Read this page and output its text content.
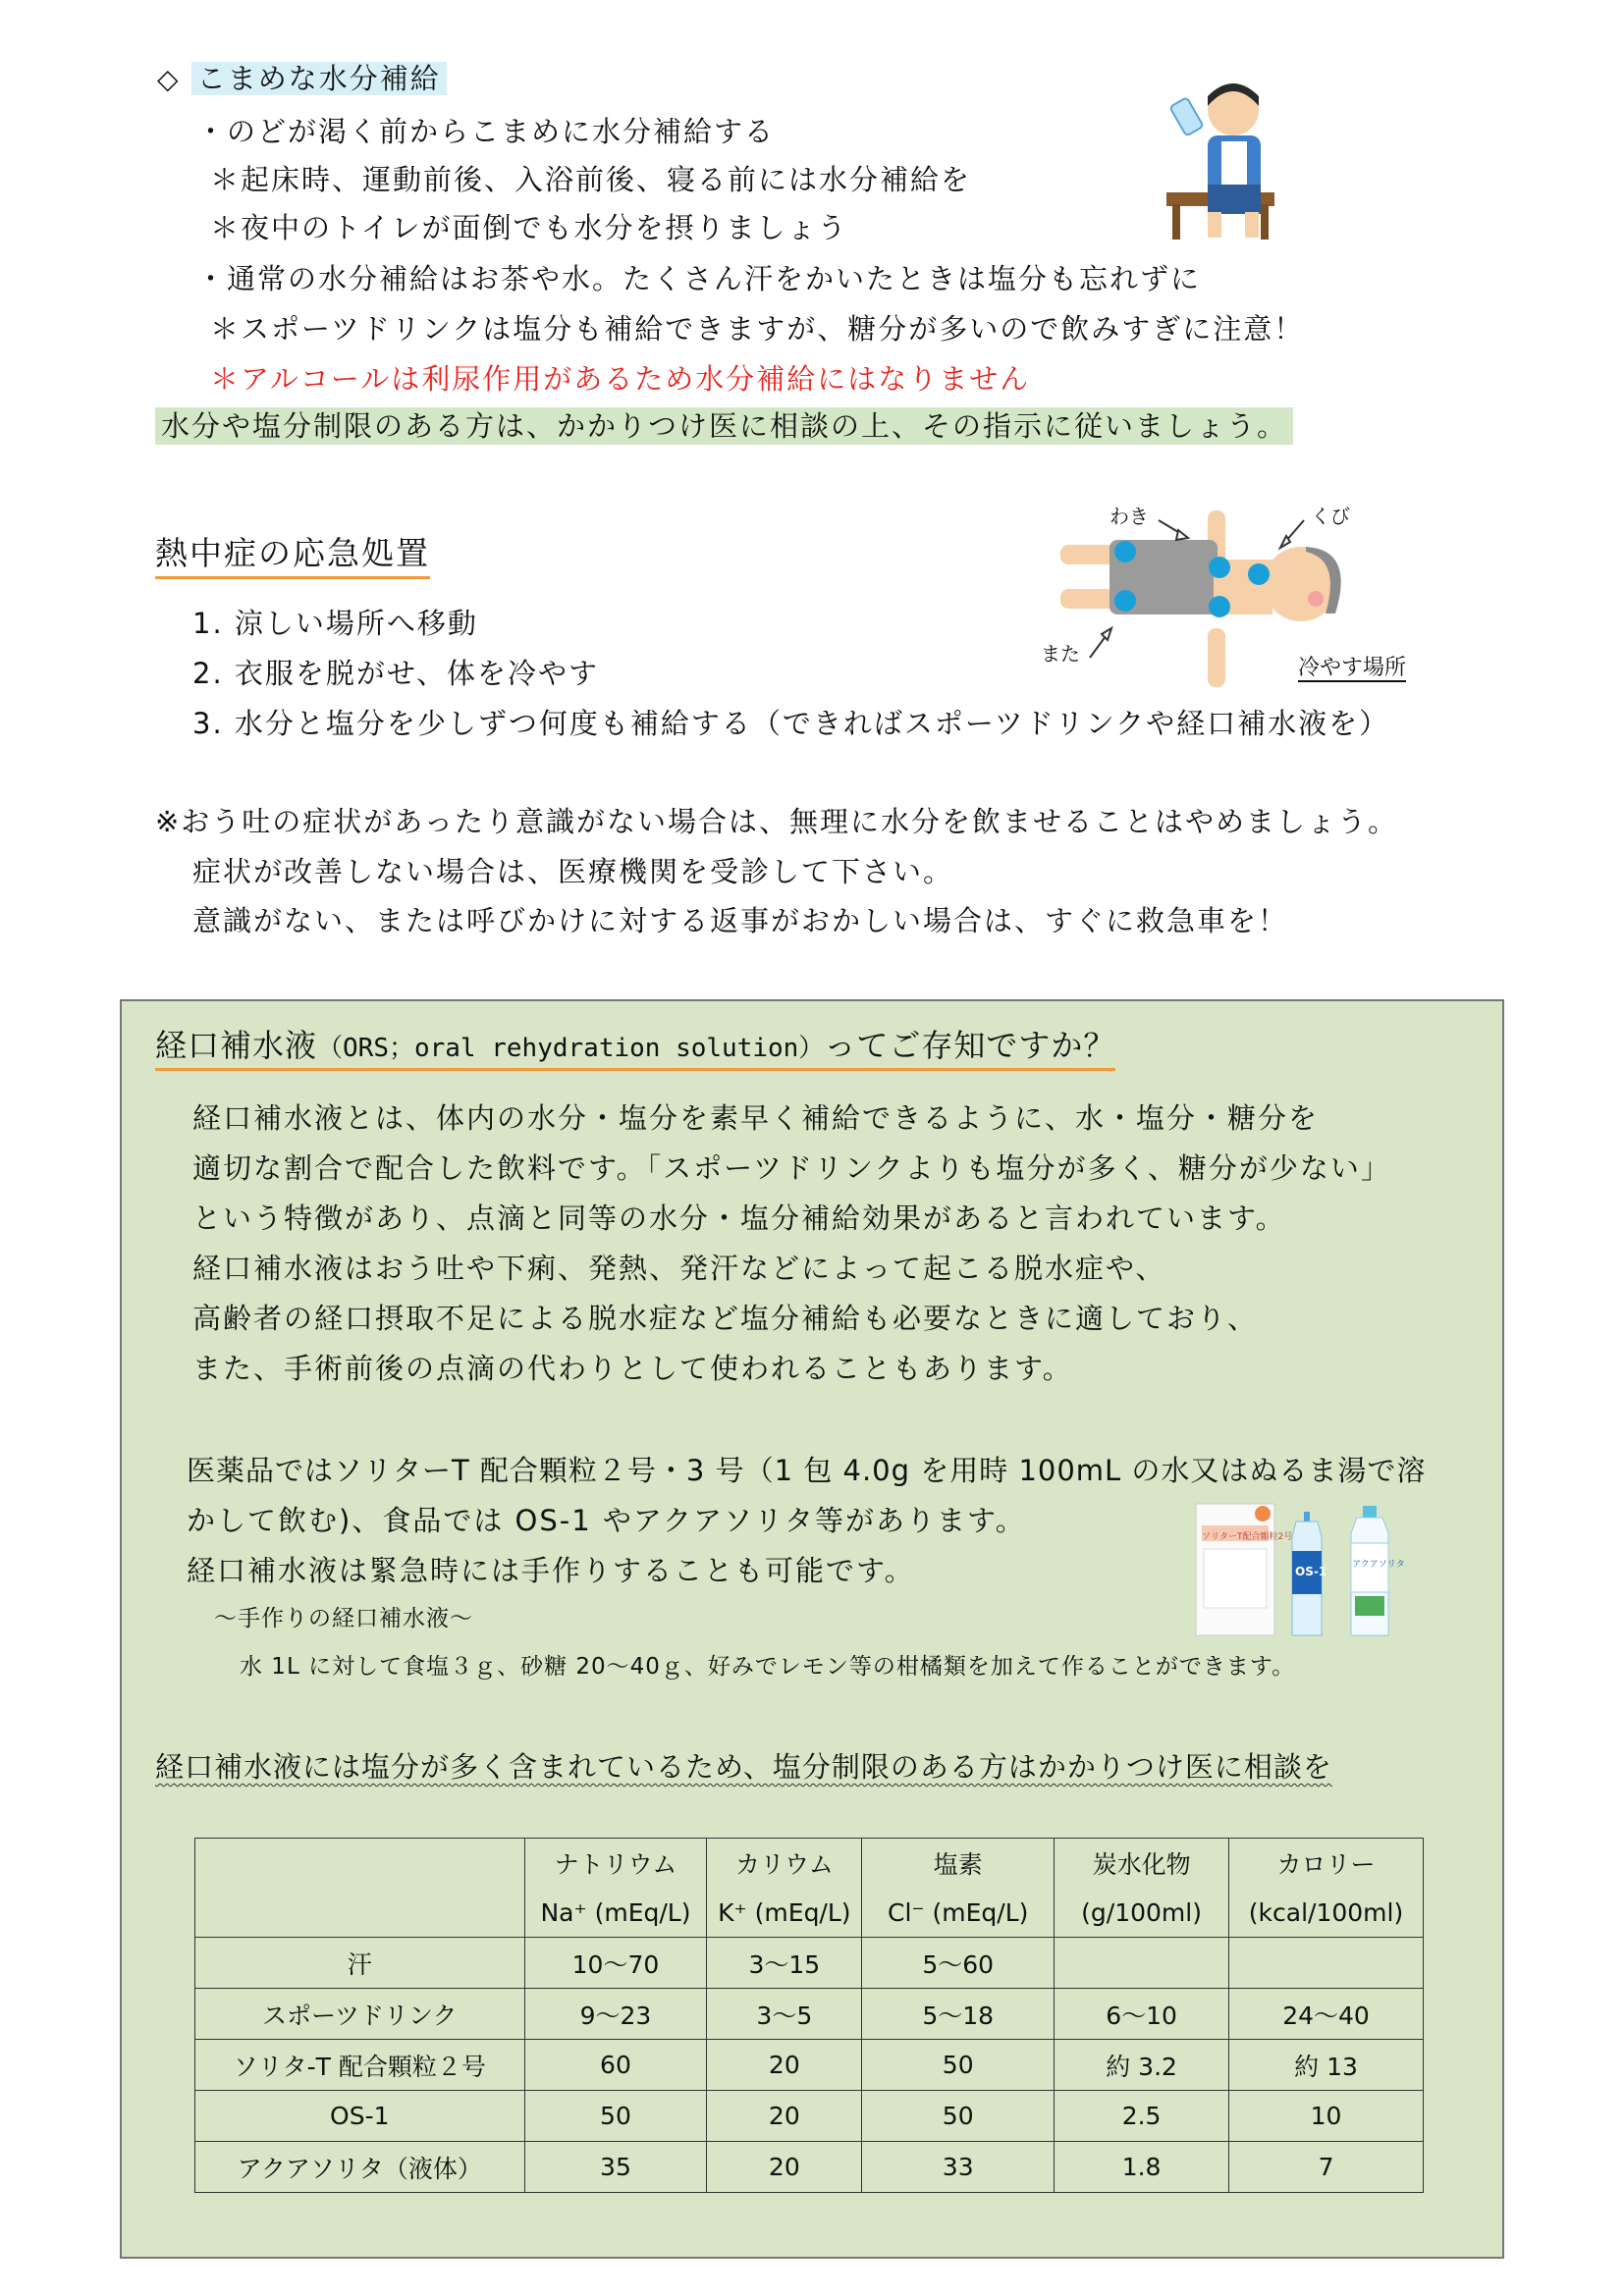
◇ こまめな水分補給
・のどが渇く前からこまめに水分補給する
＊起床時、運動前後、入浴前後、寝る前には水分補給を
＊夜中のトイレが面倒でも水分を摂りましょう
・通常の水分補給はお茶や水。たくさん汗をかいたときは塩分も忘れずに
＊スポーツドリンクは塩分も補給できますが、糖分が多いので飲みすぎに注意！
＊アルコールは利尿作用があるため水分補給にはなりません
水分や塩分制限のある方は、かかりつけ医に相談の上、その指示に従いましょう。
熱中症の応急処置
1. 涼しい場所へ移動
2. 衣服を脱がせ、体を冷やす
3. 水分と塩分を少しずつ何度も補給する（できればスポーツドリンクや経口補水液を）
わき	くび
また
冷やす場所
※おう吐の症状があったり意識がない場合は、無理に水分を飲ませることはやめましょう。
症状が改善しない場合は、医療機関を受診して下さい。
意識がない、または呼びかけに対する返事がおかしい場合は、すぐに救急車を！
経口補水液（ORS；oral rehydration solution）ってご存知ですか？
経口補水液とは、体内の水分・塩分を素早く補給できるように、水・塩分・糖分を
適切な割合で配合した飲料です。「スポーツドリンクよりも塩分が多く、糖分が少ない」
という特徴があり、点滴と同等の水分・塩分補給効果があると言われています。
経口補水液はおう吐や下痢、発熱、発汗などによって起こる脱水症や、
高齢者の経口摂取不足による脱水症など塩分補給も必要なときに適しており、
また、手術前後の点滴の代わりとして使われることもあります。
医薬品ではソリターT 配合顆粒２号・3 号（1 包 4.0g を用時 100mL の水又はぬるま湯で溶
かして飲む)、食品では OS-1 やアクアソリタ等があります。
経口補水液は緊急時には手作りすることも可能です。
～手作りの経口補水液～
水 1L に対して食塩３ｇ、砂糖 20～40ｇ、好みでレモン等の柑橘類を加えて作ることができます。
ソリターT配合顆粒2号
OS-1	アクアソリタ
経口補水液には塩分が多く含まれているため、塩分制限のある方はかかりつけ医に相談を
	ナトリウム	カリウム	塩素	炭水化物	カロリー
	Na⁺ (mEq/L)	K⁺ (mEq/L)	Cl⁻ (mEq/L)	(g/100ml)	(kcal/100ml)
汗	10～70	3～15	5～60		
スポーツドリンク	9～23	3～5	5～18	6～10	24～40
ソリタ-T 配合顆粒２号	60	20	50	約 3.2	約 13
OS-1	50	20	50	2.5	10
アクアソリタ（液体）	35	20	33	1.8	7
